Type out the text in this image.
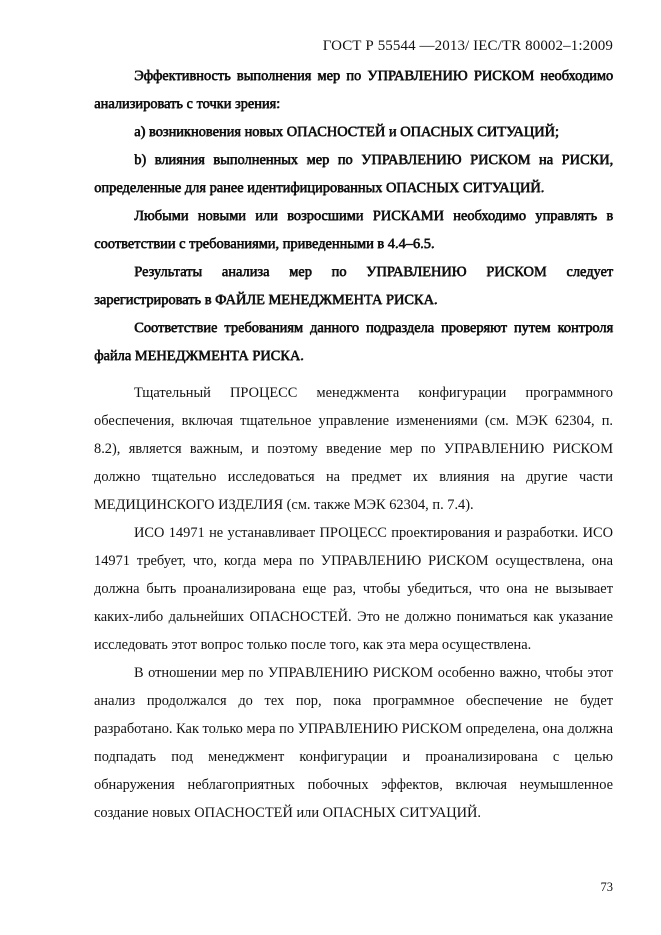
ГОСТ Р 55544 —2013/ IEC/TR 80002–1:2009

Эффективность выполнения мер по УПРАВЛЕНИЮ РИСКОМ необходимо анализировать с точки зрения:

а) возникновения новых ОПАСНОСТЕЙ и ОПАСНЫХ СИТУАЦИЙ;

b) влияния выполненных мер по УПРАВЛЕНИЮ РИСКОМ на РИСКИ, определенные для ранее идентифицированных ОПАСНЫХ СИТУАЦИЙ.

Любыми новыми или возросшими РИСКАМИ необходимо управлять в соответствии с требованиями, приведенными в 4.4–6.5.

Результаты анализа мер по УПРАВЛЕНИЮ РИСКОМ следует зарегистрировать в ФАЙЛЕ МЕНЕДЖМЕНТА РИСКА.

Соответствие требованиям данного подраздела проверяют путем контроля файла МЕНЕДЖМЕНТА РИСКА.

Тщательный ПРОЦЕСС менеджмента конфигурации программного обеспечения, включая тщательное управление изменениями (см. МЭК 62304, п. 8.2), является важным, и поэтому введение мер по УПРАВЛЕНИЮ РИСКОМ должно тщательно исследоваться на предмет их влияния на другие части МЕДИЦИНСКОГО ИЗДЕЛИЯ (см. также МЭК 62304, п. 7.4).

ИСО 14971 не устанавливает ПРОЦЕСС проектирования и разработки. ИСО 14971 требует, что, когда мера по УПРАВЛЕНИЮ РИСКОМ осуществлена, она должна быть проанализирована еще раз, чтобы убедиться, что она не вызывает каких-либо дальнейших ОПАСНОСТЕЙ. Это не должно пониматься как указание исследовать этот вопрос только после того, как эта мера осуществлена.

В отношении мер по УПРАВЛЕНИЮ РИСКОМ особенно важно, чтобы этот анализ продолжался до тех пор, пока программное обеспечение не будет разработано. Как только мера по УПРАВЛЕНИЮ РИСКОМ определена, она должна подпадать под менеджмент конфигурации и проанализирована с целью обнаружения неблагоприятных побочных эффектов, включая неумышленное создание новых ОПАСНОСТЕЙ или ОПАСНЫХ СИТУАЦИЙ.

73
